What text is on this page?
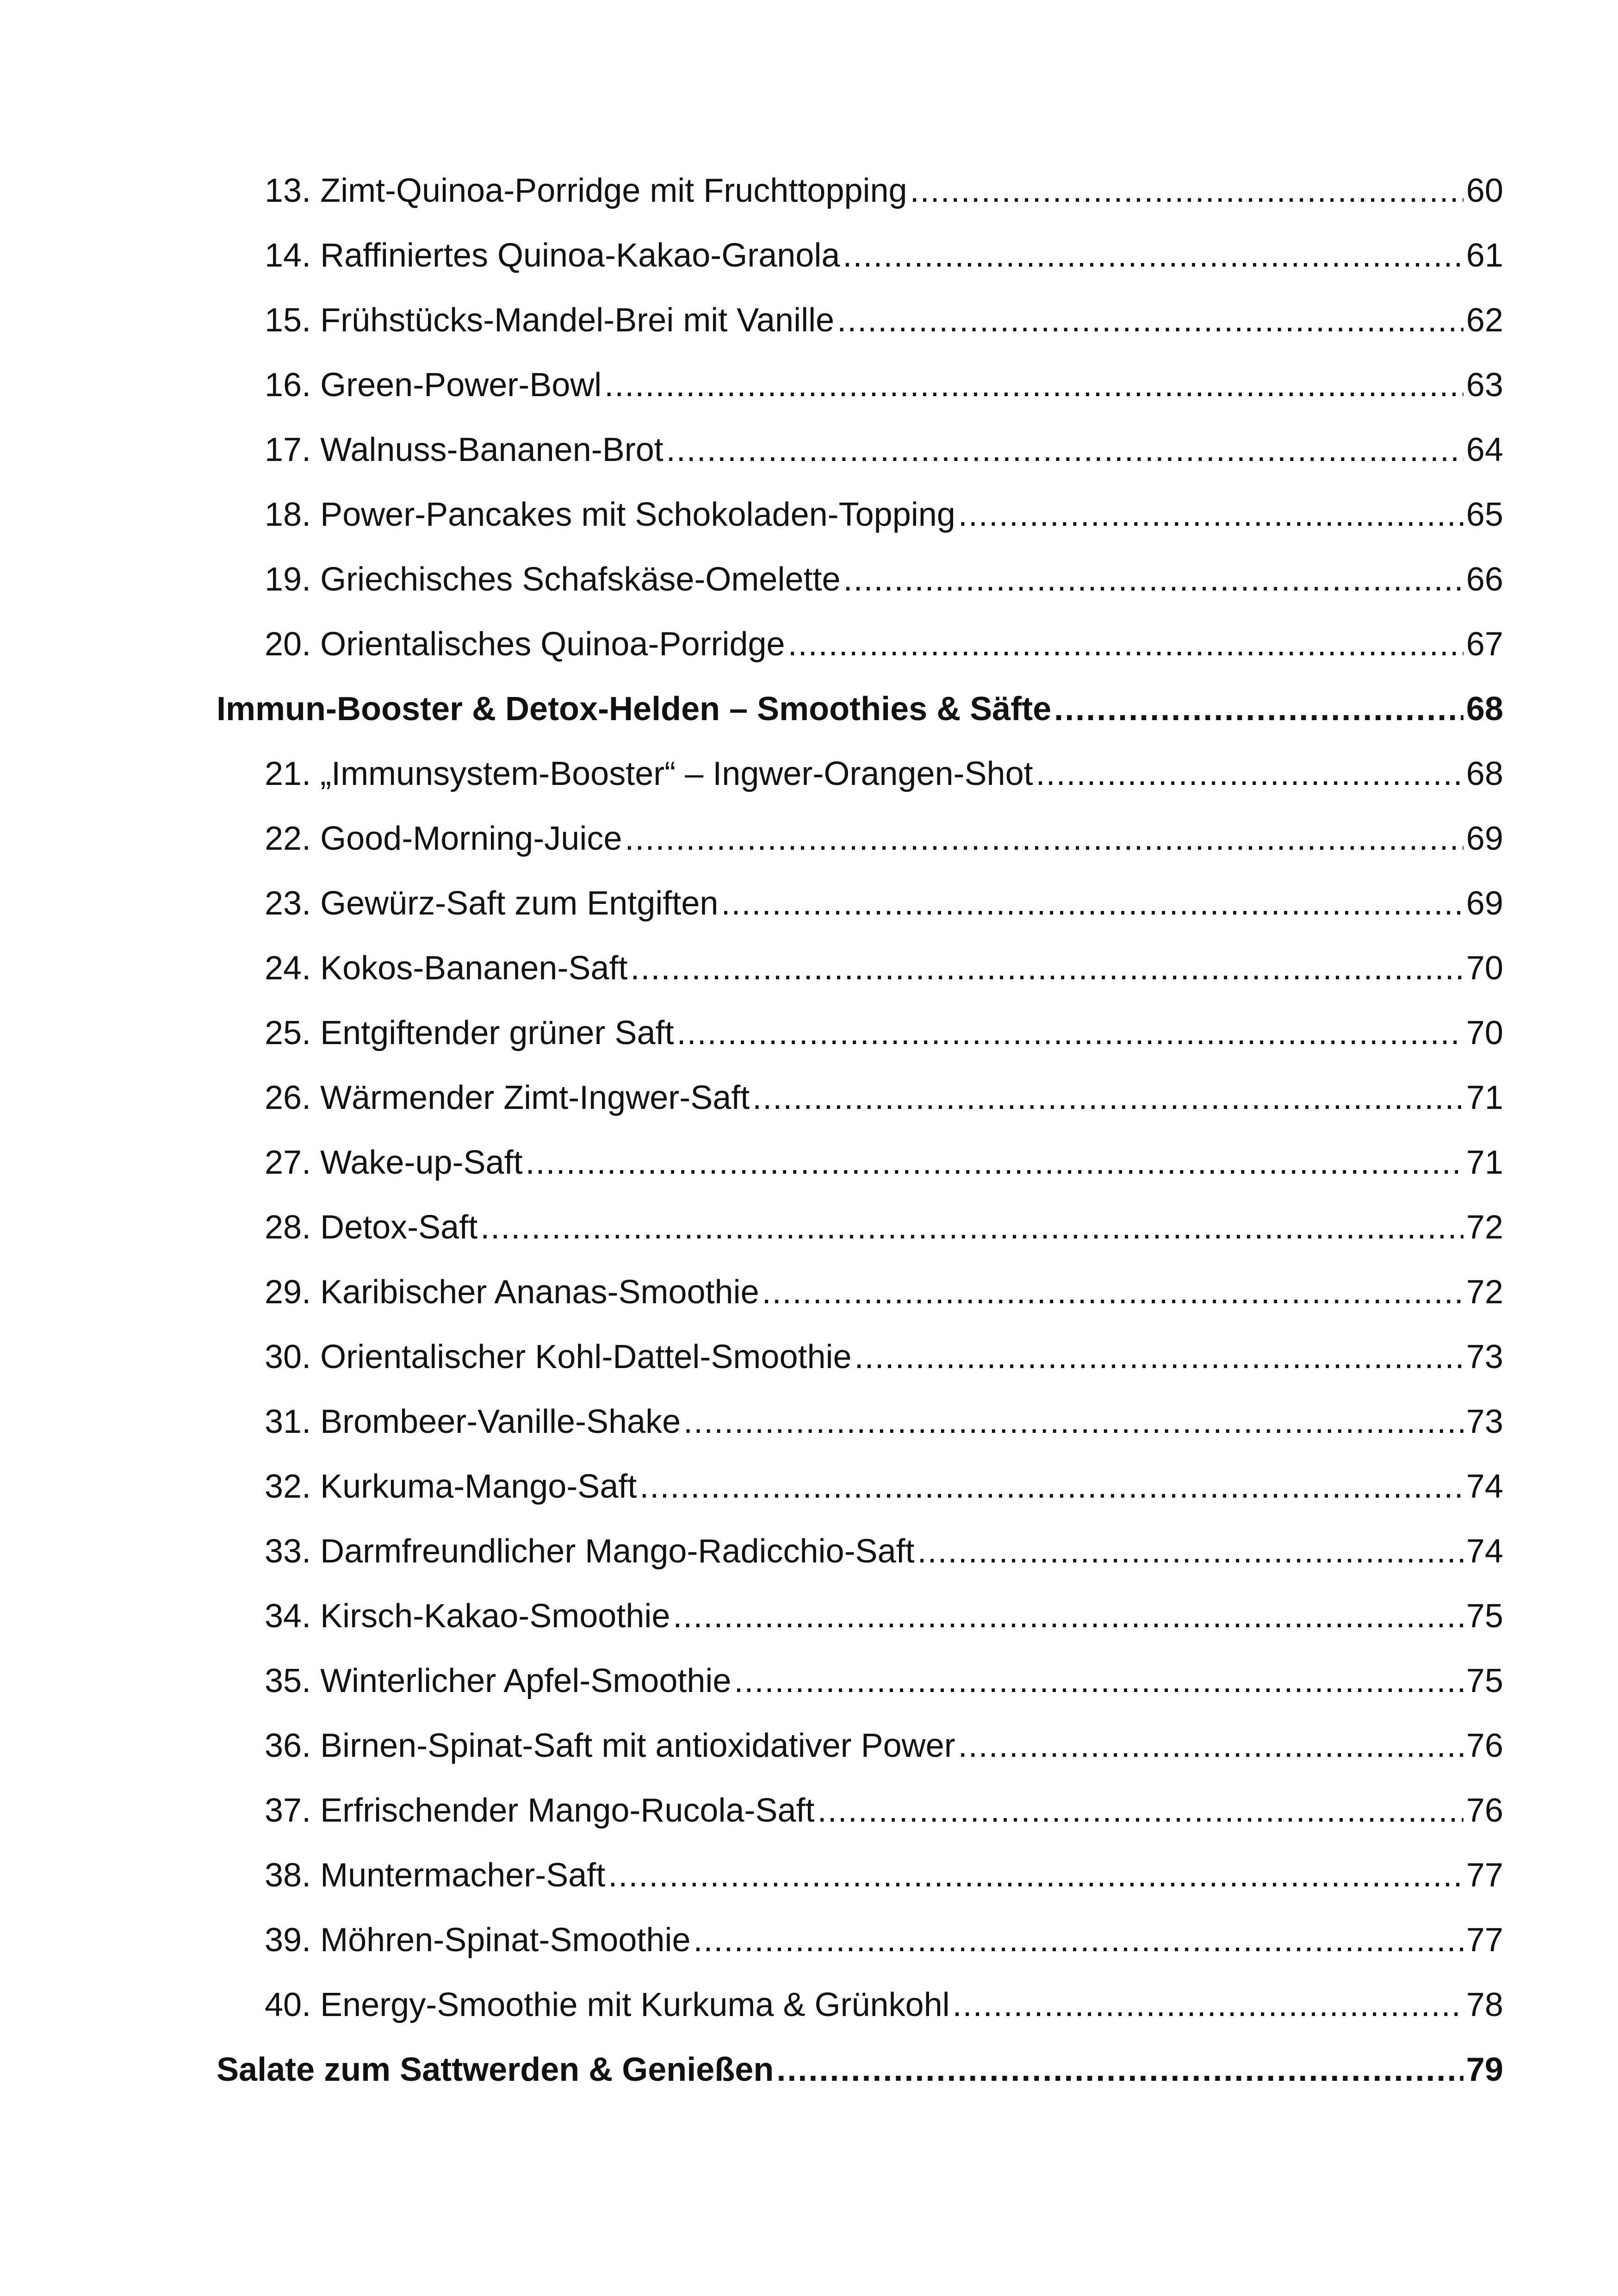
13. Zimt-Quinoa-Porridge mit Fruchttopping .....	60
14. Raffiniertes Quinoa-Kakao-Granola .....	61
15. Frühstücks-Mandel-Brei mit Vanille .....	62
16. Green-Power-Bowl .....	63
17. Walnuss-Bananen-Brot .....	64
18. Power-Pancakes mit Schokoladen-Topping .....	65
19. Griechisches Schafskäse-Omelette .....	66
20. Orientalisches Quinoa-Porridge .....	67
Immun-Booster & Detox-Helden – Smoothies & Säfte .....	68
21. „Immunsystem-Booster“ – Ingwer-Orangen-Shot .....	68
22. Good-Morning-Juice .....	69
23. Gewürz-Saft zum Entgiften .....	69
24. Kokos-Bananen-Saft .....	70
25. Entgiftender grüner Saft .....	70
26. Wärmender Zimt-Ingwer-Saft .....	71
27. Wake-up-Saft .....	71
28. Detox-Saft .....	72
29. Karibischer Ananas-Smoothie .....	72
30. Orientalischer Kohl-Dattel-Smoothie .....	73
31. Brombeer-Vanille-Shake .....	73
32. Kurkuma-Mango-Saft .....	74
33. Darmfreundlicher Mango-Radicchio-Saft .....	74
34. Kirsch-Kakao-Smoothie .....	75
35. Winterlicher Apfel-Smoothie .....	75
36. Birnen-Spinat-Saft mit antioxidativer Power .....	76
37. Erfrischender Mango-Rucola-Saft .....	76
38. Muntermacher-Saft .....	77
39. Möhren-Spinat-Smoothie .....	77
40. Energy-Smoothie mit Kurkuma & Grünkohl .....	78
Salate zum Sattwerden & Genießen .....	79
